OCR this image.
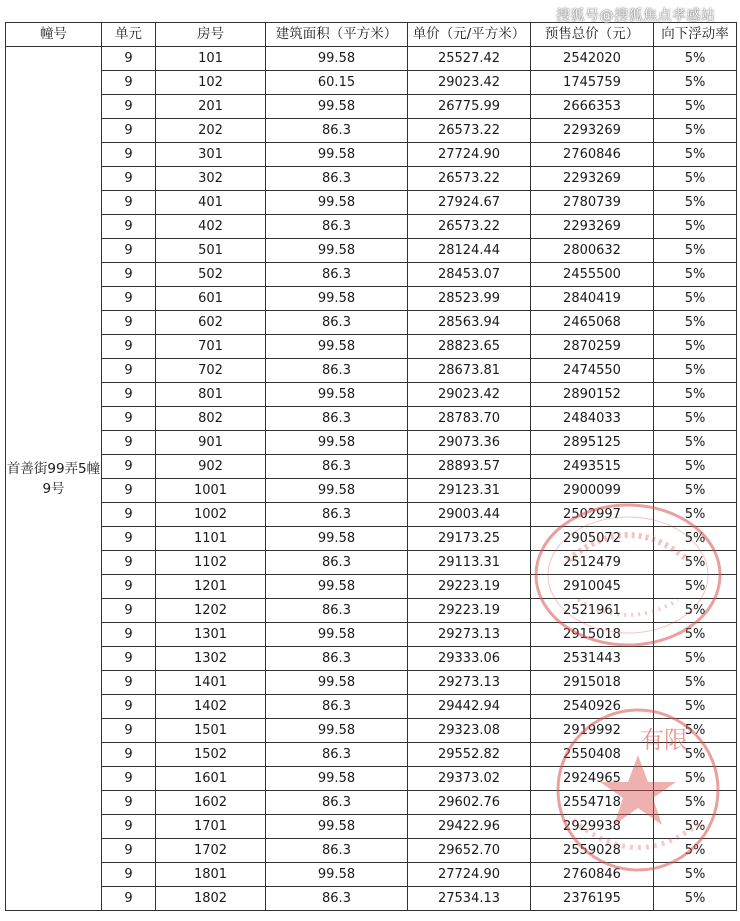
幢号	单元	房号	建筑面积（平方米）	单价（元/平方米）	预售总价（元）	向下浮动率
首善街99弄5幢9号	9	101	99.58	25527.42	2542020	5%
	9	102	60.15	29023.42	1745759	5%
	9	201	99.58	26775.99	2666353	5%
	9	202	86.3	26573.22	2293269	5%
	9	301	99.58	27724.90	2760846	5%
	9	302	86.3	26573.22	2293269	5%
	9	401	99.58	27924.67	2780739	5%
	9	402	86.3	26573.22	2293269	5%
	9	501	99.58	28124.44	2800632	5%
	9	502	86.3	28453.07	2455500	5%
	9	601	99.58	28523.99	2840419	5%
	9	602	86.3	28563.94	2465068	5%
	9	701	99.58	28823.65	2870259	5%
	9	702	86.3	28673.81	2474550	5%
	9	801	99.58	29023.42	2890152	5%
	9	802	86.3	28783.70	2484033	5%
	9	901	99.58	29073.36	2895125	5%
	9	902	86.3	28893.57	2493515	5%
	9	1001	99.58	29123.31	2900099	5%
	9	1002	86.3	29003.44	2502997	5%
	9	1101	99.58	29173.25	2905072	5%
	9	1102	86.3	29113.31	2512479	5%
	9	1201	99.58	29223.19	2910045	5%
	9	1202	86.3	29223.19	2521961	5%
	9	1301	99.58	29273.13	2915018	5%
	9	1302	86.3	29333.06	2531443	5%
	9	1401	99.58	29273.13	2915018	5%
	9	1402	86.3	29442.94	2540926	5%
	9	1501	99.58	29323.08	2919992	5%
	9	1502	86.3	29552.82	2550408	5%
	9	1601	99.58	29373.02	2924965	5%
	9	1602	86.3	29602.76	2554718	5%
	9	1701	99.58	29422.96	2929938	5%
	9	1702	86.3	29652.70	2559028	5%
	9	1801	99.58	27724.90	2760846	5%
	9	1802	86.3	27534.13	2376195	5%
搜狐号@搜狐焦点孝感站
有限
